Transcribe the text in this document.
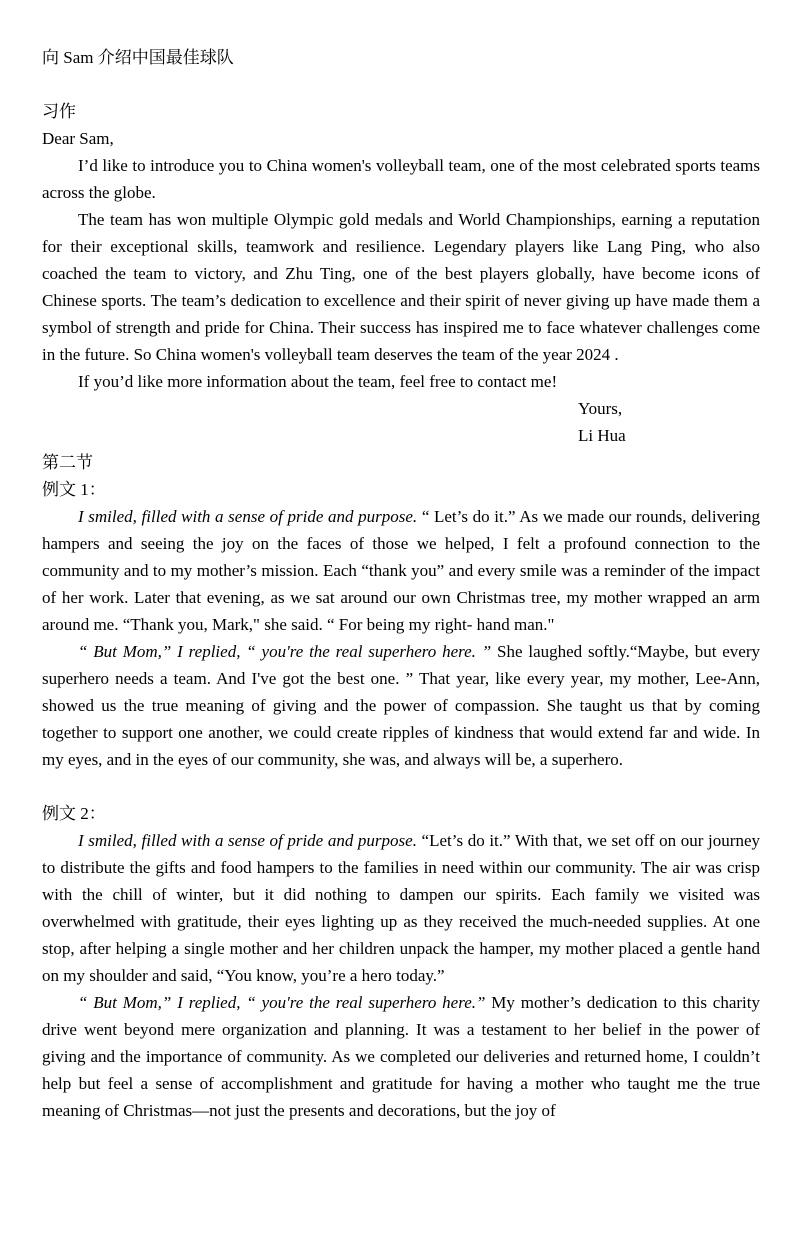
向 Sam 介绍中国最佳球队
习作
Dear Sam,

I’d like to introduce you to China women's volleyball team, one of the most celebrated sports teams across the globe.

The team has won multiple Olympic gold medals and World Championships, earning a reputation for their exceptional skills, teamwork and resilience. Legendary players like Lang Ping, who also coached the team to victory, and Zhu Ting, one of the best players globally, have become icons of Chinese sports. The team’s dedication to excellence and their spirit of never giving up have made them a symbol of strength and pride for China. Their success has inspired me to face whatever challenges come in the future. So China women's volleyball team deserves the team of the year 2024 .

If you’d like more information about the team, feel free to contact me!

Yours,
Li Hua
第二节
例文 1：

I smiled, filled with a sense of pride and purpose. “ Let’s do it.” As we made our rounds, delivering hampers and seeing the joy on the faces of those we helped, I felt a profound connection to the community and to my mother’s mission. Each “thank you” and every smile was a reminder of the impact of her work. Later that evening, as we sat around our own Christmas tree, my mother wrapped an arm around me. “Thank you, Mark," she said. “ For being my right- hand man."

“ But Mom,” I replied, “ you're the real superhero here. ” She laughed softly.“Maybe, but every superhero needs a team. And I've got the best one. ” That year, like every year, my mother, Lee-Ann, showed us the true meaning of giving and the power of compassion. She taught us that by coming together to support one another, we could create ripples of kindness that would extend far and wide. In my eyes, and in the eyes of our community, she was, and always will be, a superhero.

例文 2：

I smiled, filled with a sense of pride and purpose. “Let’s do it.” With that, we set off on our journey to distribute the gifts and food hampers to the families in need within our community. The air was crisp with the chill of winter, but it did nothing to dampen our spirits. Each family we visited was overwhelmed with gratitude, their eyes lighting up as they received the much-needed supplies. At one stop, after helping a single mother and her children unpack the hamper, my mother placed a gentle hand on my shoulder and said, “You know, you’re a hero today.”

“ But Mom,” I replied, “ you're the real superhero here.” My mother’s dedication to this charity drive went beyond mere organization and planning. It was a testament to her belief in the power of giving and the importance of community. As we completed our deliveries and returned home, I couldn’t help but feel a sense of accomplishment and gratitude for having a mother who taught me the true meaning of Christmas—not just the presents and decorations, but the joy of
